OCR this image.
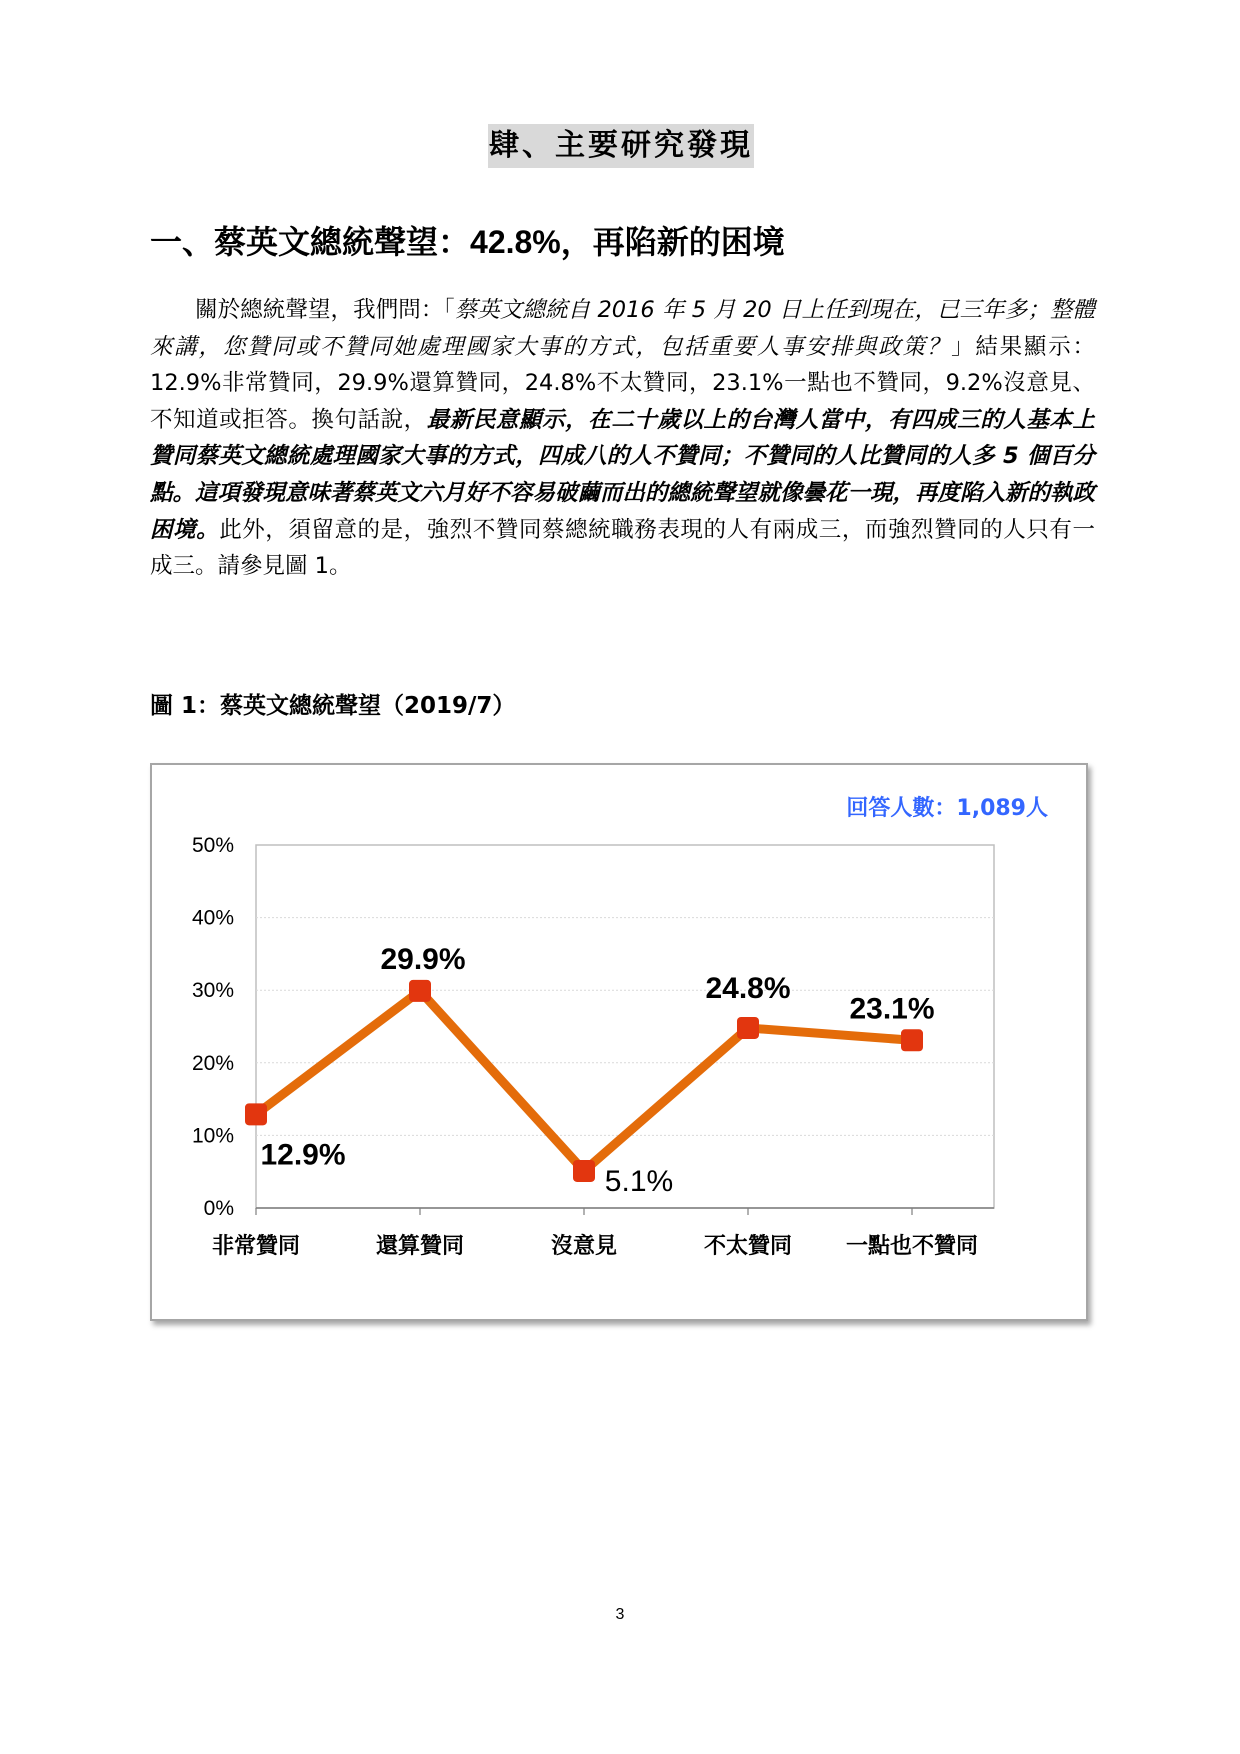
肆、主要研究發現
一、蔡英文總統聲望：42.8%，再陷新的困境
關於總統聲望，我們問：「蔡英文總統自 2016 年 5 月 20 日上任到現在，已三年多；整體來講，您贊同或不贊同她處理國家大事的方式，包括重要人事安排與政策？」結果顯示：12.9%非常贊同，29.9%還算贊同，24.8%不太贊同，23.1%一點也不贊同，9.2%沒意見、不知道或拒答。換句話說，最新民意顯示，在二十歲以上的台灣人當中，有四成三的人基本上贊同蔡英文總統處理國家大事的方式，四成八的人不贊同；不贊同的人比贊同的人多 5 個百分點。這項發現意味著蔡英文六月好不容易破繭而出的總統聲望就像曇花一現，再度陷入新的執政困境。此外，須留意的是，強烈不贊同蔡總統職務表現的人有兩成三，而強烈贊同的人只有一成三。請參見圖 1。
圖 1：蔡英文總統聲望（2019/7）
回答人數：1,089人
0%
10%
20%
30%
40%
50%
非常贊同	還算贊同	沒意見	不太贊同 一點也不贊同
12.9%
29.9%
5.1%
24.8%
23.1%
3
